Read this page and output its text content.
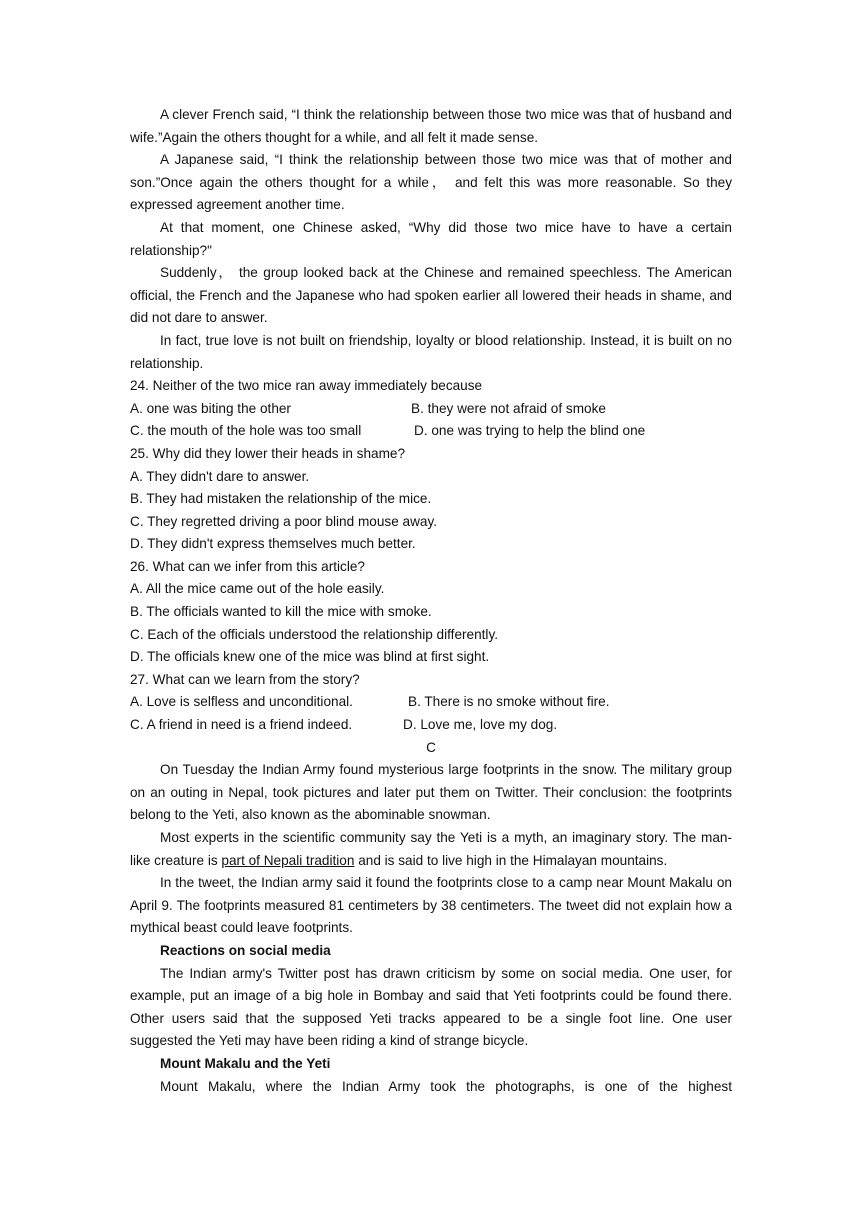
A clever French said, “I think the relationship between those two mice was that of husband and wife.”Again the others thought for a while, and all felt it made sense.

A Japanese said, “I think the relationship between those two mice was that of mother and son.”Once again the others thought for a while， and felt this was more reasonable. So they expressed agreement another time.

At that moment, one Chinese asked, “Why did those two mice have to have a certain relationship?"

Suddenly， the group looked back at the Chinese and remained speechless. The American official, the French and the Japanese who had spoken earlier all lowered their heads in shame, and did not dare to answer.

In fact, true love is not built on friendship, loyalty or blood relationship. Instead, it is built on no relationship.

24. Neither of the two mice ran away immediately because

A. one was biting the other	B. they were not afraid of smoke
C. the mouth of the hole was too small	D. one was trying to help the blind one

25. Why did they lower their heads in shame?

A. They didn't dare to answer.

B. They had mistaken the relationship of the mice.

C. They regretted driving a poor blind mouse away.

D. They didn't express themselves much better.

26. What can we infer from this article?

A. All the mice came out of the hole easily.

B. The officials wanted to kill the mice with smoke.

C. Each of the officials understood the relationship differently.

D. The officials knew one of the mice was blind at first sight.

27. What can we learn from the story?

A. Love is selfless and unconditional.	B. There is no smoke without fire.
C. A friend in need is a friend indeed.	D. Love me, love my dog.

C

On Tuesday the Indian Army found mysterious large footprints in the snow. The military group on an outing in Nepal, took pictures and later put them on Twitter. Their conclusion: the footprints belong to the Yeti, also known as the abominable snowman.

Most experts in the scientific community say the Yeti is a myth, an imaginary story. The man-like creature is part of Nepali tradition and is said to live high in the Himalayan mountains.

In the tweet, the Indian army said it found the footprints close to a camp near Mount Makalu on April 9. The footprints measured 81 centimeters by 38 centimeters. The tweet did not explain how a mythical beast could leave footprints.

Reactions on social media

The Indian army's Twitter post has drawn criticism by some on social media. One user, for example, put an image of a big hole in Bombay and said that Yeti footprints could be found there. Other users said that the supposed Yeti tracks appeared to be a single foot line. One user suggested the Yeti may have been riding a kind of strange bicycle.

Mount Makalu and the Yeti

Mount Makalu, where the Indian Army took the photographs, is one of the highest
